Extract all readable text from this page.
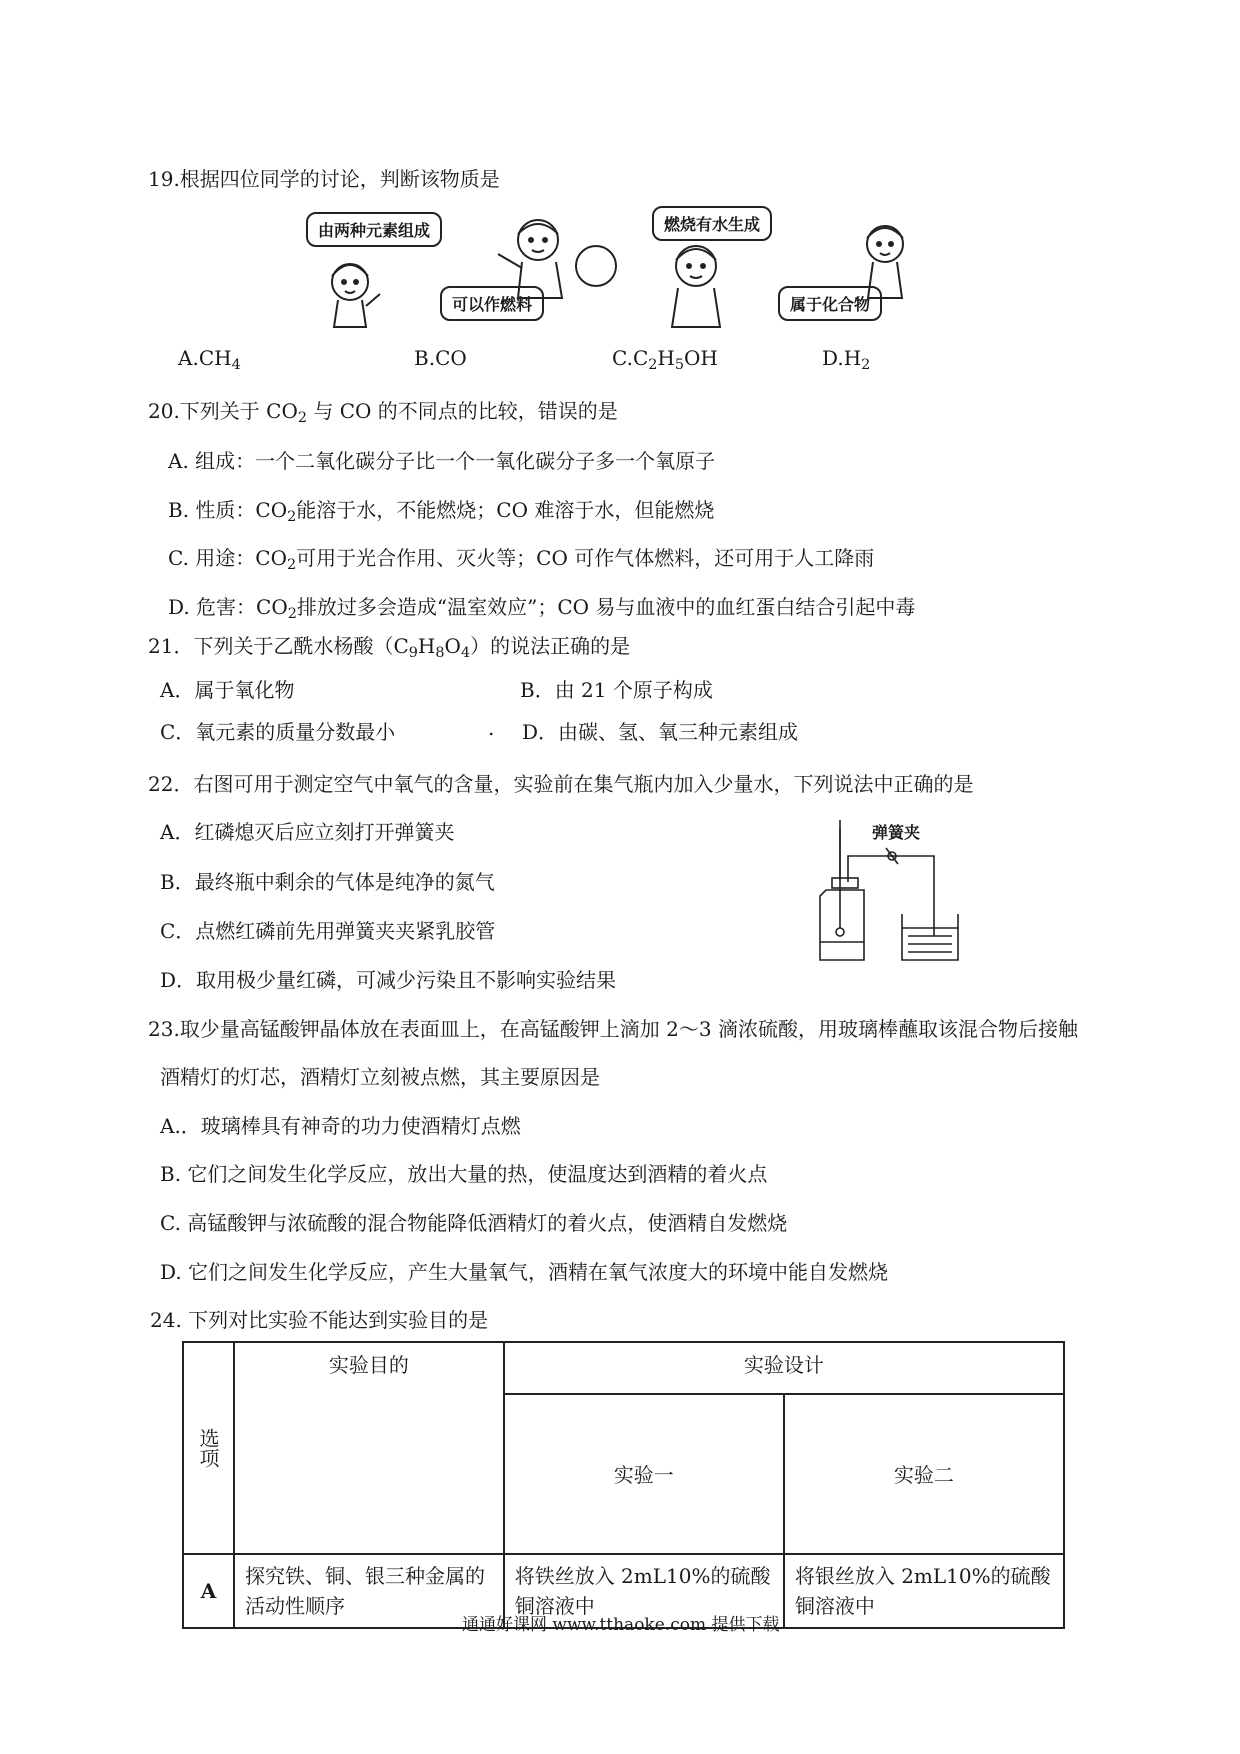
19.根据四位同学的讨论，判断该物质是
由两种元素组成
可以作燃料
燃烧有水生成
属于化合物
$A.CH_4$	B.CO	$C.C_2H_5OH$	$D.H_2$
20.下列关于 $CO_2$ 与 CO 的不同点的比较，错误的是
A. 组成：一个二氧化碳分子比一个一氧化碳分子多一个氧原子
B. 性质：$CO_2$能溶于水，不能燃烧；CO 难溶于水，但能燃烧
C. 用途：$CO_2$可用于光合作用、灭火等；CO 可作气体燃料，还可用于人工降雨
D. 危害：$CO_2$排放过多会造成“温室效应”；CO 易与血液中的血红蛋白结合引起中毒
21．下列关于乙酰水杨酸$(C_9H_8O_4)$的说法正确的是
A．属于氧化物	B．由 21 个原子构成
C．氧元素的质量分数最小	. D．由碳、氢、氧三种元素组成
22．右图可用于测定空气中氧气的含量，实验前在集气瓶内加入少量水，下列说法中正确的是
A．红磷熄灭后应立刻打开弹簧夹
B．最终瓶中剩余的气体是纯净的氮气
C．点燃红磷前先用弹簧夹夹紧乳胶管
D．取用极少量红磷，可减少污染且不影响实验结果
弹簧夹
23.取少量高锰酸钾晶体放在表面皿上，在高锰酸钾上滴加 2～3 滴浓硫酸，用玻璃棒蘸取该混合物后接触
酒精灯的灯芯，酒精灯立刻被点燃，其主要原因是
A.．玻璃棒具有神奇的功力使酒精灯点燃
B. 它们之间发生化学反应，放出大量的热，使温度达到酒精的着火点
C. 高锰酸钾与浓硫酸的混合物能降低酒精灯的着火点，使酒精自发燃烧
D. 它们之间发生化学反应，产生大量氧气，酒精在氧气浓度大的环境中能自发燃烧
24. 下列对比实验不能达到实验目的是
选项	实验目的	实验设计	
		实验一	实验二
A	探究铁、铜、银三种金属的活动性顺序	将铁丝放入 2mL10%的硫酸铜溶液中	将银丝放入 2mL10%的硫酸铜溶液中
通通好课网 www.tthaoke.com 提供下载
